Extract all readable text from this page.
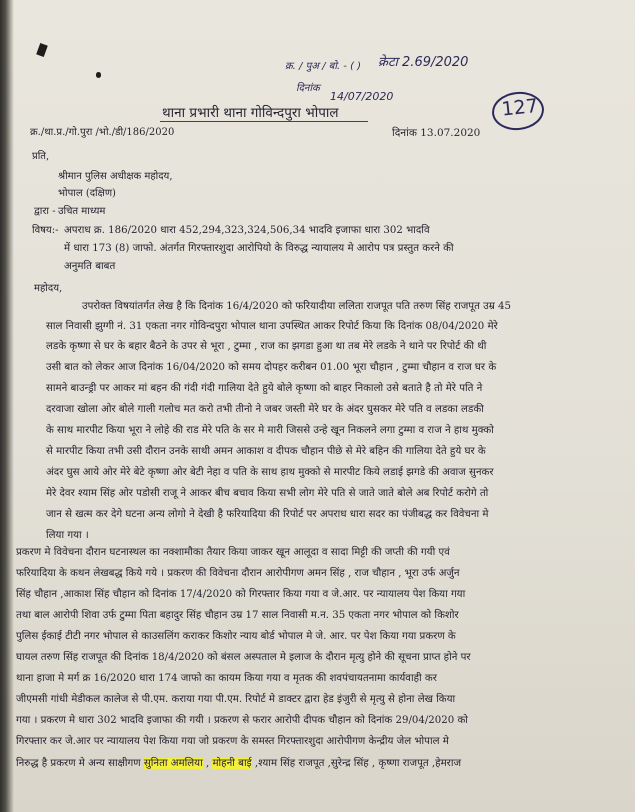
क्र. / पुअ / बो. - ( ) क्रेटा 2.69/2020
दिनांक
14/07/2020	127
थाना प्रभारी थाना गोविन्दपुरा भोपाल
क्र./था.प्र./गो.पुरा /भो./डी/186/2020	दिनांक 13.07.2020
प्रति,
श्रीमान पुलिस अधीक्षक महोदय,
भोपाल (दक्षिण)
द्वारा - उचित माध्यम
विषय:- अपराध क्र. 186/2020 धारा 452,294,323,324,506,34 भादवि इजाफा धारा 302 भादवि
में धारा 173 (8) जाफो. अंतर्गत गिरफ्तारशुदा आरोपियो के विरुद्ध न्यायालय मे आरोप पत्र प्रस्तुत करने की
अनुमति बाबत
महोदय,
उपरोक्त विषयांतर्गत लेख है कि दिनांक 16/4/2020 को फरियादीया ललिता राजपूत पति तरुण सिंह राजपूत उम्र 45
साल निवासी झुग्गी नं. 31 एकता नगर गोविन्दपुरा भोपाल थाना उपस्थित आकर रिपोर्ट किया कि दिनांक 08/04/2020 मेरे
लडके कृष्णा से घर के बहार बैठने के उपर से भूरा , टुम्मा , राज का झगडा हुआ था तब मेरे लडके ने थाने पर रिपोर्ट की थी
उसी बात को लेकर आज दिनांक 16/04/2020 को समय दोपहर करीबन 01.00 भूरा चौहान , टुम्मा चौहान व राज घर के
सामने बाउन्ड्री पर आकर मां बहन की गंदी गंदी गालिया देते हुये बोले कृष्णा को बाहर निकालो उसे बताते है तो मेरे पति ने
दरवाजा खोला ओर बोले गाली गलोच मत करो तभी तीनो ने जबर जस्ती मेरे घर के अंदर घुसकर मेरे पति व लडका लडकी
के साथ मारपीट किया भूरा ने लोहे की राड मेरे पति के सर मे मारी जिससे उन्हे खून निकलने लगा टुम्मा व राज ने हाथ मुक्को
से मारपीट किया तभी उसी दौरान उनके साथी अमन आकाश व दीपक चौहान पीछे से मेरे बहिन की गालिया देते हुये घर के
अंदर घुस आये ओर मेरे बेटे कृष्णा ओर बेटी नेहा व पति के साथ हाथ मुक्को से मारपीट किये लडाई झगडे की अवाज सुनकर
मेरे देवर श्याम सिंह ओर पडोसी राजू ने आकर बीच बचाव किया सभी लोग मेरे पति से जाते जाते बोले अब रिपोर्ट करोगे तो
जान से खत्म कर देगे घटना अन्य लोगो ने देखी है फरियादिया की रिपोर्ट पर अपराध धारा सदर का पंजीबद्ध कर विवेचना मे
लिया गया ।
प्रकरण मे विवेचना दौरान घटनास्थल का नक्शामौका तैयार किया जाकर खून आलूदा व सादा मिट्टी की जप्ती की गयी एवं
फरियादिया के कथन लेखबद्ध किये गये । प्रकरण की विवेचना दौरान आरोपीगण अमन सिंह , राज चौहान , भूरा उर्फ अर्जुन
सिंह चौहान ,आकाश सिंह चौहान को दिनांक 17/4/2020 को गिरफ्तार किया गया व जे.आर. पर न्यायालय पेश किया गया
तथा बाल आरोपी शिवा उर्फ टुम्मा पिता बहादुर सिंह चौहान उम्र 17 साल निवासी म.न. 35 एकता नगर भोपाल को किशोर
पुलिस ईकाई टीटी नगर भोपाल से काउसलिंग कराकर किशोर न्याय बोर्ड भोपाल मे जे. आर. पर पेश किया गया प्रकरण के
घायल तरुण सिंह राजपूत की दिनांक 18/4/2020 को बंसल अस्पताल मे इलाज के दौरान मृत्यु होने की सूचना प्राप्त होने पर
थाना हाजा मे मर्ग क्र 16/2020 धारा 174 जाफो का कायम किया गया व मृतक की शवपंचायतनामा कार्यवाही कर
जीएमसी गांधी मेडीकल कालेज से पी.एम. कराया गया पी.एम. रिपोर्ट मे डाक्टर द्वारा हेड इंजुरी से मृत्यु से होना लेख किया
गया । प्रकरण मे धारा 302 भादवि इजाफा की गयी । प्रकरण से फरार आरोपी दीपक चौहान को दिनांक 29/04/2020 को
गिरफ्तार कर जे.आर पर न्यायालय पेश किया गया जो प्रकरण के समस्त गिरफ्तारशुदा आरोपीगण केन्द्रीय जेल भोपाल मे
निरुद्ध है प्रकरण मे अन्य साक्षीगण सुनिता अमलिया , मोहनी बाई ,श्याम सिंह राजपूत ,सुरेन्द्र सिंह , कृष्णा राजपूत ,हेमराज
